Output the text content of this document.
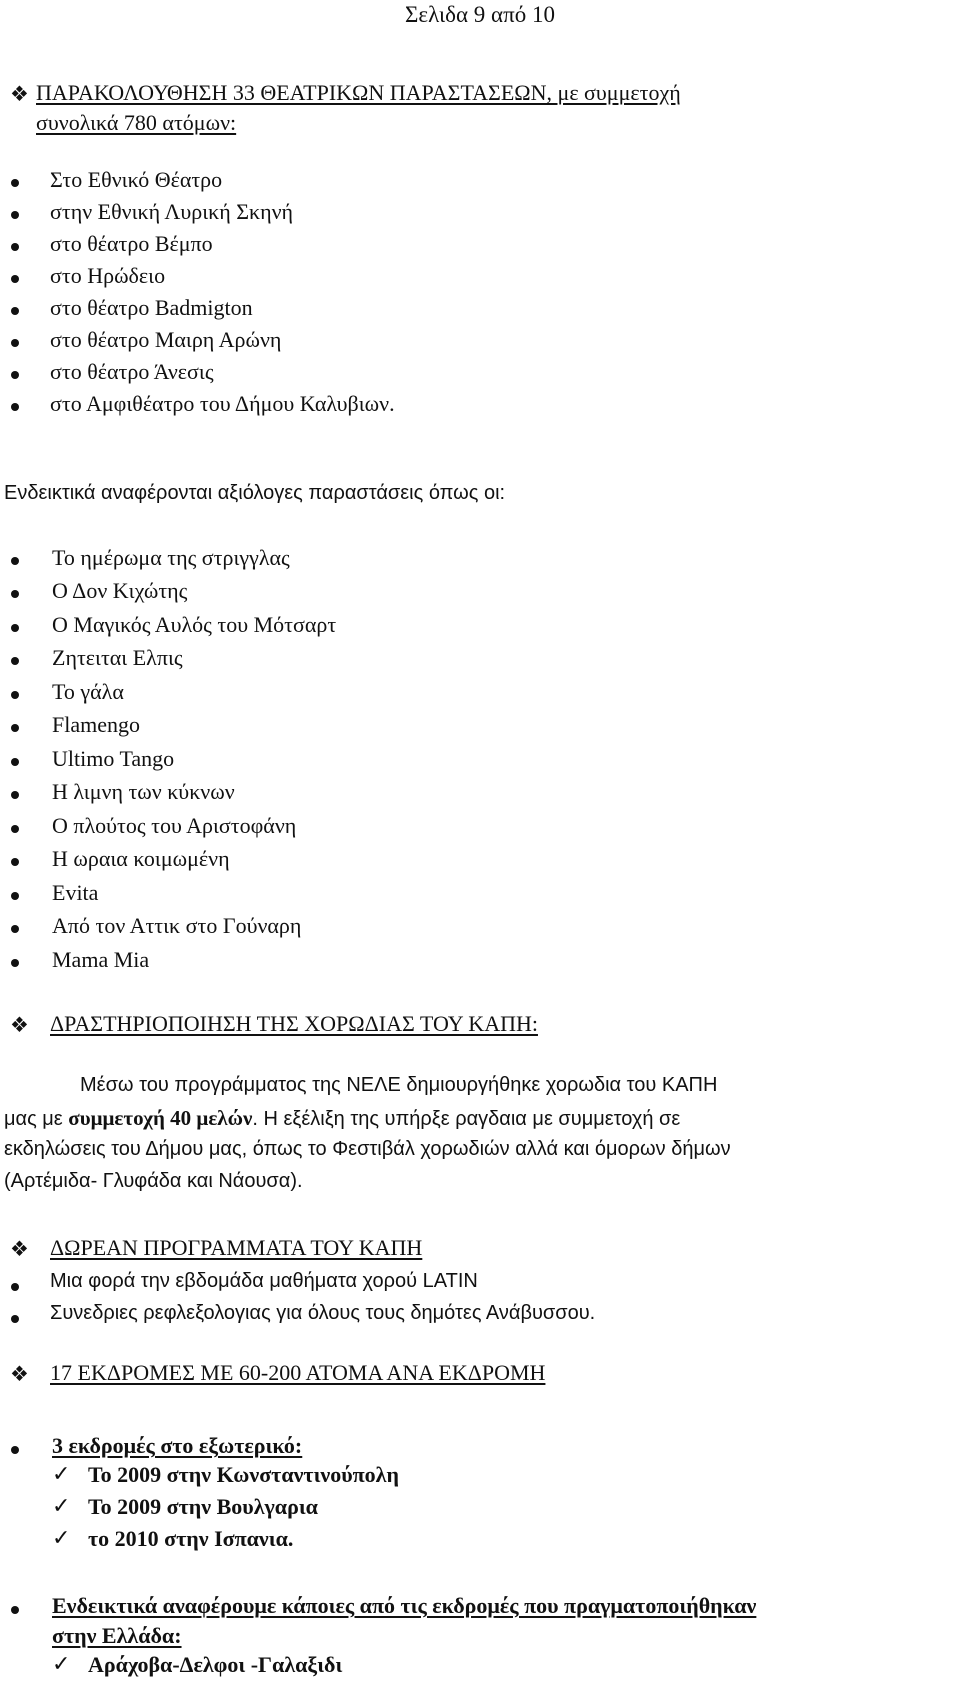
Σελιδα 9 από 10
❖ ΠΑΡΑΚΟΛΟΥΘΗΣΗ 33 ΘΕΑΤΡΙΚΩΝ ΠΑΡΑΣΤΑΣΕΩΝ, με συμμετοχή
συνολικά 780 ατόμων:
Στο Εθνικό Θέατρο
στην Εθνική Λυρική Σκηνή
στο θέατρο Βέμπο
στο Ηρώδειο
στο θέατρο Badmigton
στο θέατρο Μαιρη Αρώνη
στο θέατρο Άνεσις
στο Αμφιθέατρο του Δήμου Καλυβιων.
Ενδεικτικά αναφέρονται αξιόλογες παραστάσεις όπως οι:
Το ημέρωμα της στριγγλας
Ο Δον Κιχώτης
Ο Μαγικός Αυλός του Μότσαρτ
Ζητειται Ελπις
Το γάλα
Flamengo
Ultimo Tango
Η λιμνη των κύκνων
Ο πλούτος του Αριστοφάνη
Η ωραια κοιμωμένη
Evita
Από τον Αττικ στο Γούναρη
Mama Mia
❖ ΔΡΑΣΤΗΡΙΟΠΟΙΗΣΗ ΤΗΣ ΧΟΡΩΔΙΑΣ ΤΟΥ ΚΑΠΗ:
Μέσω του προγράμματος της ΝΕΛΕ δημιουργήθηκε χορωδια του ΚΑΠΗ
μας με συμμετοχή 40 μελών. Η εξέλιξη της υπήρξε ραγδαια με συμμετοχή σε
εκδηλώσεις του Δήμου μας, όπως το Φεστιβάλ χορωδιών αλλά και όμορων δήμων
(Αρτέμιδα- Γλυφάδα και Νάουσα).
❖ ΔΩΡΕΑΝ ΠΡΟΓΡΑΜΜΑΤΑ ΤΟΥ ΚΑΠΗ
Μια φορά την εβδομάδα μαθήματα χορού LATIN
Συνεδριες ρεφλεξολογιας για όλους τους δημότες Ανάβυσσου.
❖ 17 ΕΚΔΡΟΜΕΣ ΜΕ 60-200 ΑΤΟΜΑ ΑΝΑ ΕΚΔΡΟΜΗ
3 εκδρομές στο εξωτερικό:
✓ Το 2009 στην Κωνσταντινούπολη
✓ Το 2009 στην Βουλγαρια
✓ το 2010 στην Ισπανια.
Ενδεικτικά αναφέρουμε κάποιες από τις εκδρομές που πραγματοποιήθηκαν
στην Ελλάδα:
✓ Αράχοβα-Δελφοι -Γαλαξιδι
